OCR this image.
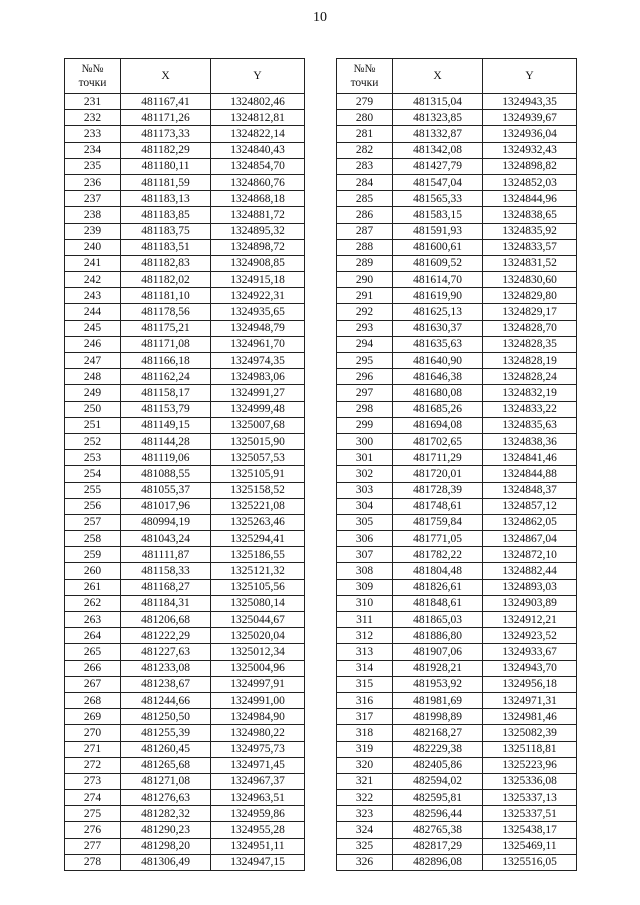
10
№№
точки	X	Y
231	481167,41	1324802,46
232	481171,26	1324812,81
233	481173,33	1324822,14
234	481182,29	1324840,43
235	481180,11	1324854,70
236	481181,59	1324860,76
237	481183,13	1324868,18
238	481183,85	1324881,72
239	481183,75	1324895,32
240	481183,51	1324898,72
241	481182,83	1324908,85
242	481182,02	1324915,18
243	481181,10	1324922,31
244	481178,56	1324935,65
245	481175,21	1324948,79
246	481171,08	1324961,70
247	481166,18	1324974,35
248	481162,24	1324983,06
249	481158,17	1324991,27
250	481153,79	1324999,48
251	481149,15	1325007,68
252	481144,28	1325015,90
253	481119,06	1325057,53
254	481088,55	1325105,91
255	481055,37	1325158,52
256	481017,96	1325221,08
257	480994,19	1325263,46
258	481043,24	1325294,41
259	481111,87	1325186,55
260	481158,33	1325121,32
261	481168,27	1325105,56
262	481184,31	1325080,14
263	481206,68	1325044,67
264	481222,29	1325020,04
265	481227,63	1325012,34
266	481233,08	1325004,96
267	481238,67	1324997,91
268	481244,66	1324991,00
269	481250,50	1324984,90
270	481255,39	1324980,22
271	481260,45	1324975,73
272	481265,68	1324971,45
273	481271,08	1324967,37
274	481276,63	1324963,51
275	481282,32	1324959,86
276	481290,23	1324955,28
277	481298,20	1324951,11
278	481306,49	1324947,15
№№
точки	X	Y
279	481315,04	1324943,35
280	481323,85	1324939,67
281	481332,87	1324936,04
282	481342,08	1324932,43
283	481427,79	1324898,82
284	481547,04	1324852,03
285	481565,33	1324844,96
286	481583,15	1324838,65
287	481591,93	1324835,92
288	481600,61	1324833,57
289	481609,52	1324831,52
290	481614,70	1324830,60
291	481619,90	1324829,80
292	481625,13	1324829,17
293	481630,37	1324828,70
294	481635,63	1324828,35
295	481640,90	1324828,19
296	481646,38	1324828,24
297	481680,08	1324832,19
298	481685,26	1324833,22
299	481694,08	1324835,63
300	481702,65	1324838,36
301	481711,29	1324841,46
302	481720,01	1324844,88
303	481728,39	1324848,37
304	481748,61	1324857,12
305	481759,84	1324862,05
306	481771,05	1324867,04
307	481782,22	1324872,10
308	481804,48	1324882,44
309	481826,61	1324893,03
310	481848,61	1324903,89
311	481865,03	1324912,21
312	481886,80	1324923,52
313	481907,06	1324933,67
314	481928,21	1324943,70
315	481953,92	1324956,18
316	481981,69	1324971,31
317	481998,89	1324981,46
318	482168,27	1325082,39
319	482229,38	1325118,81
320	482405,86	1325223,96
321	482594,02	1325336,08
322	482595,81	1325337,13
323	482596,44	1325337,51
324	482765,38	1325438,17
325	482817,29	1325469,11
326	482896,08	1325516,05
